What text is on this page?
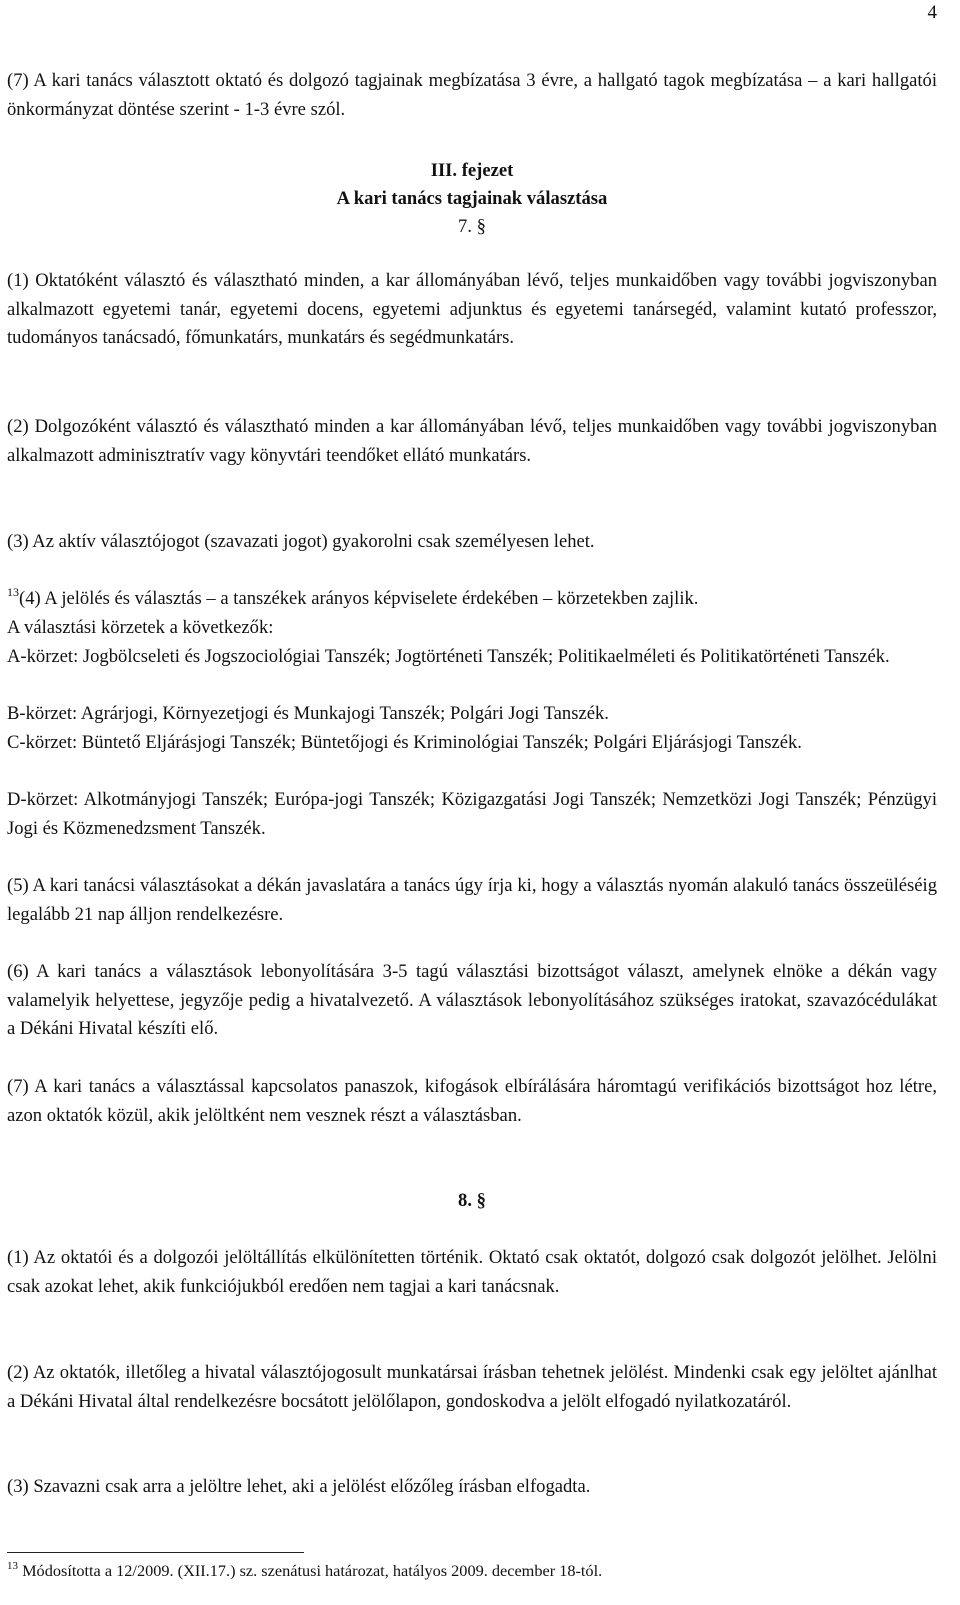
4

(7) A kari tanács választott oktató és dolgozó tagjainak megbízatása 3 évre, a hallgató tagok megbízatása – a kari hallgatói önkormányzat döntése szerint - 1-3 évre szól.

III. fejezet
A kari tanács tagjainak választása
7. §

(1) Oktatóként választó és választható minden, a kar állományában lévő, teljes munkaidőben vagy további jogviszonyban alkalmazott egyetemi tanár, egyetemi docens, egyetemi adjunktus és egyetemi tanársegéd, valamint kutató professzor, tudományos tanácsadó, főmunkatárs, munkatárs és segédmunkatárs.

(2) Dolgozóként választó és választható minden a kar állományában lévő, teljes munkaidőben vagy további jogviszonyban alkalmazott adminisztratív vagy könyvtári teendőket ellátó munkatárs.

(3) Az aktív választójogot (szavazati jogot) gyakorolni csak személyesen lehet.

$^{13}$(4) A jelölés és választás – a tanszékek arányos képviselete érdekében – körzetekben zajlik.

A választási körzetek a következők:

A-körzet: Jogbölcseleti és Jogszociológiai Tanszék; Jogtörténeti Tanszék; Politikaelméleti és Politikatörténeti Tanszék.

B-körzet: Agrárjogi, Környezetjogi és Munkajogi Tanszék; Polgári Jogi Tanszék.

C-körzet: Büntető Eljárásjogi Tanszék; Büntetőjogi és Kriminológiai Tanszék; Polgári Eljárásjogi Tanszék.

D-körzet: Alkotmányjogi Tanszék; Európa-jogi Tanszék; Közigazgatási Jogi Tanszék; Nemzetközi Jogi Tanszék; Pénzügyi Jogi és Közmenedzsment Tanszék.

(5) A kari tanácsi választásokat a dékán javaslatára a tanács úgy írja ki, hogy a választás nyomán alakuló tanács összeüléséig legalább 21 nap álljon rendelkezésre.

(6) A kari tanács a választások lebonyolítására 3-5 tagú választási bizottságot választ, amelynek elnöke a dékán vagy valamelyik helyettese, jegyzője pedig a hivatalvezető. A választások lebonyolításához szükséges iratokat, szavazócédulákat a Dékáni Hivatal készíti elő.

(7) A kari tanács a választással kapcsolatos panaszok, kifogások elbírálására háromtagú verifikációs bizottságot hoz létre, azon oktatók közül, akik jelöltként nem vesznek részt a választásban.

8. §

(1) Az oktatói és a dolgozói jelöltállítás elkülönítetten történik. Oktató csak oktatót, dolgozó csak dolgozót jelölhet. Jelölni csak azokat lehet, akik funkciójukból eredően nem tagjai a kari tanácsnak.

(2) Az oktatók, illetőleg a hivatal választójogosult munkatársai írásban tehetnek jelölést. Mindenki csak egy jelöltet ajánlhat a Dékáni Hivatal által rendelkezésre bocsátott jelölőlapon, gondoskodva a jelölt elfogadó nyilatkozatáról.

(3) Szavazni csak arra a jelöltre lehet, aki a jelölést előzőleg írásban elfogadta.

$^{13}$ Módosította a 12/2009. (XII.17.) sz. szenátusi határozat, hatályos 2009. december 18-tól.
